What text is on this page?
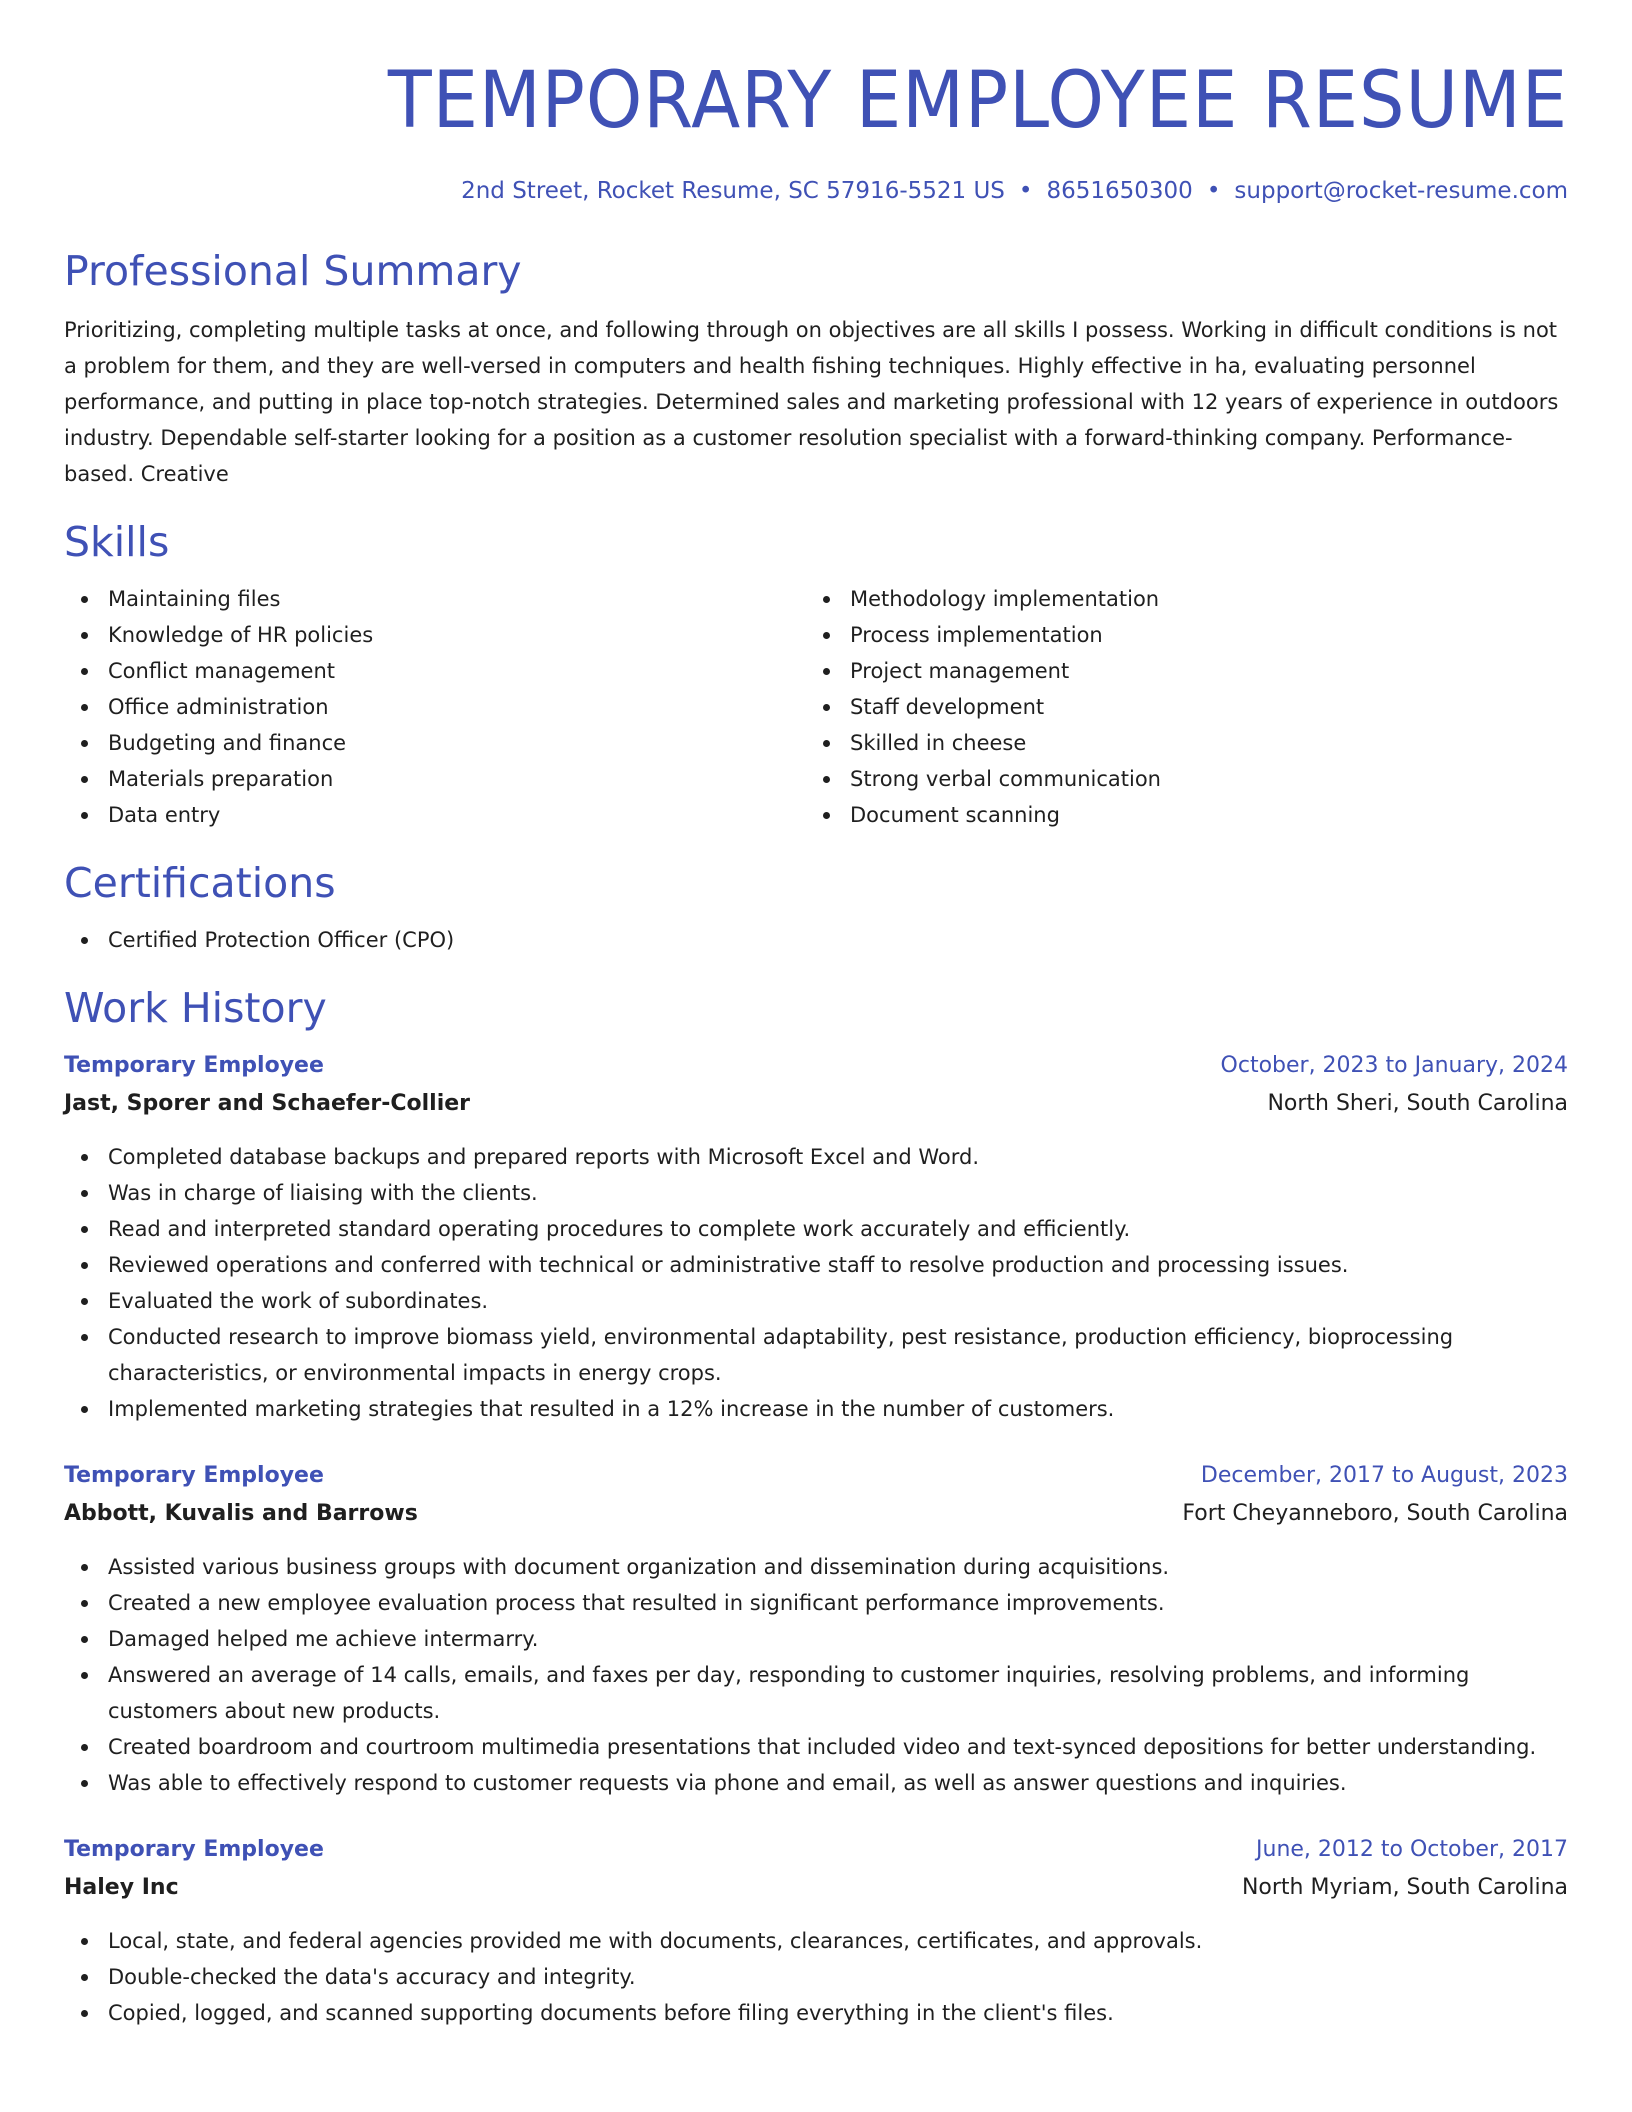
TEMPORARY EMPLOYEE RESUME
2nd Street, Rocket Resume, SC 57916-5521 US • 8651650300 • support@rocket-resume.com
Professional Summary

Prioritizing, completing multiple tasks at once, and following through on objectives are all skills I possess. Working in difficult conditions is not a problem for them, and they are well-versed in computers and health fishing techniques. Highly effective in ha, evaluating personnel performance, and putting in place top-notch strategies. Determined sales and marketing professional with 12 years of experience in outdoors industry. Dependable self-starter looking for a position as a customer resolution specialist with a forward-thinking company. Performance-based. Creative

Skills
Maintaining files
Knowledge of HR policies
Conflict management
Office administration
Budgeting and finance
Materials preparation
Data entry
Methodology implementation
Process implementation
Project management
Staff development
Skilled in cheese
Strong verbal communication
Document scanning
Certifications
Certified Protection Officer (CPO)
Work History
Temporary Employee	October, 2023 to January, 2024
Jast, Sporer and Schaefer-Collier	North Sheri, South Carolina
Completed database backups and prepared reports with Microsoft Excel and Word.
Was in charge of liaising with the clients.
Read and interpreted standard operating procedures to complete work accurately and efficiently.
Reviewed operations and conferred with technical or administrative staff to resolve production and processing issues.
Evaluated the work of subordinates.
Conducted research to improve biomass yield, environmental adaptability, pest resistance, production efficiency, bioprocessing characteristics, or environmental impacts in energy crops.
Implemented marketing strategies that resulted in a 12% increase in the number of customers.
Temporary Employee	December, 2017 to August, 2023
Abbott, Kuvalis and Barrows	Fort Cheyanneboro, South Carolina
Assisted various business groups with document organization and dissemination during acquisitions.
Created a new employee evaluation process that resulted in significant performance improvements.
Damaged helped me achieve intermarry.
Answered an average of 14 calls, emails, and faxes per day, responding to customer inquiries, resolving problems, and informing customers about new products.
Created boardroom and courtroom multimedia presentations that included video and text-synced depositions for better understanding.
Was able to effectively respond to customer requests via phone and email, as well as answer questions and inquiries.
Temporary Employee	June, 2012 to October, 2017
Haley Inc	North Myriam, South Carolina
Local, state, and federal agencies provided me with documents, clearances, certificates, and approvals.
Double-checked the data's accuracy and integrity.
Copied, logged, and scanned supporting documents before filing everything in the client's files.
